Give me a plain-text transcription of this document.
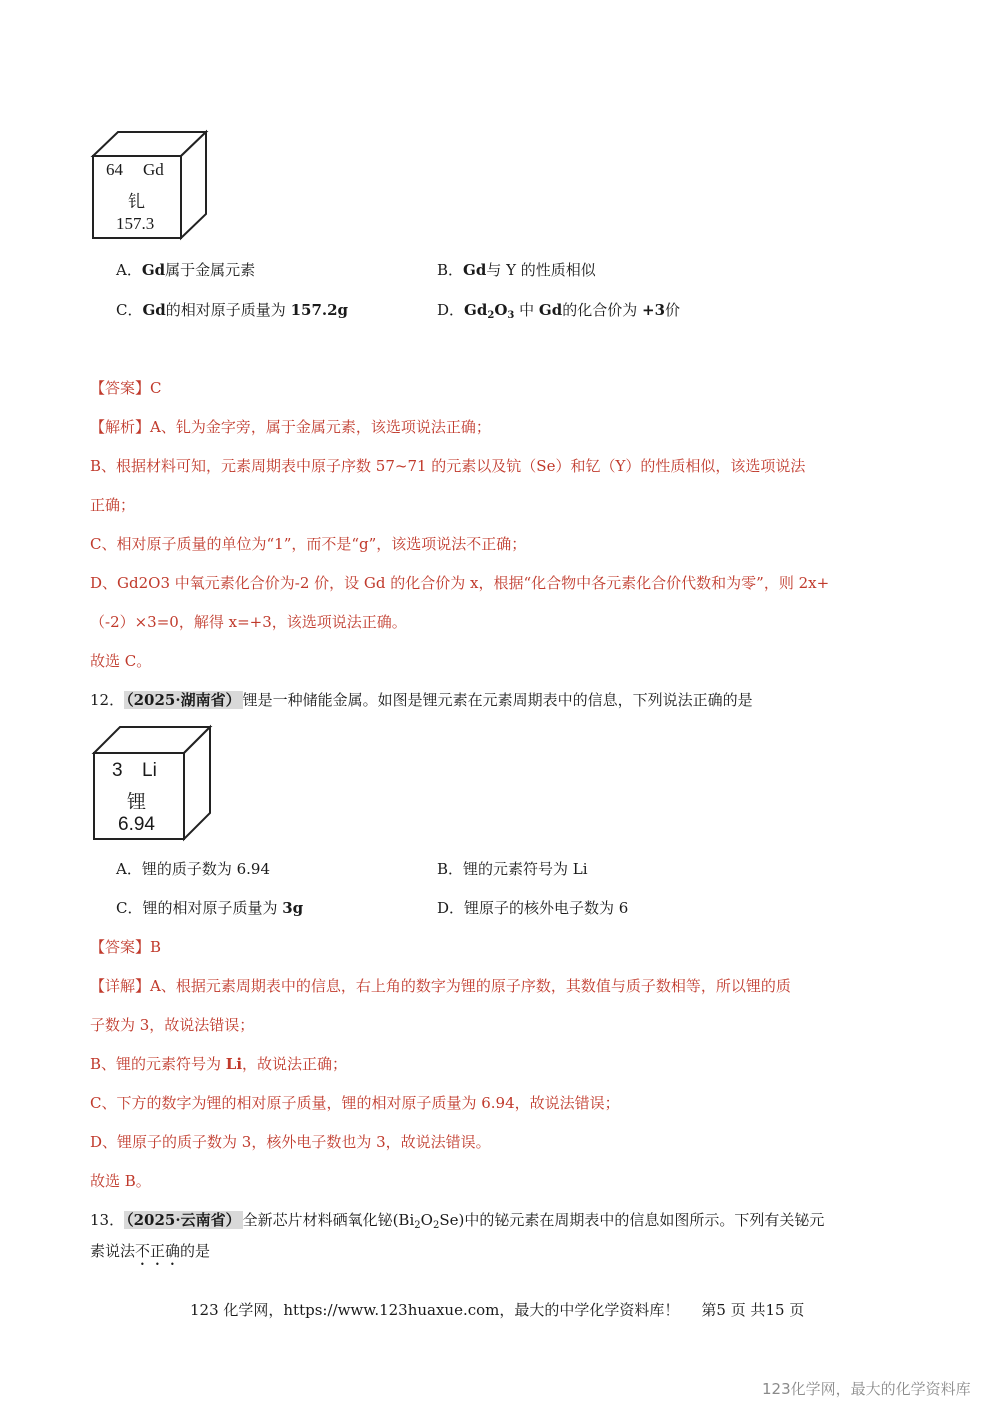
64 Gd
钆
157.3
A．Gd属于金属元素	B．Gd与 Y 的性质相似
C．Gd的相对原子质量为 157.2g	D．$Gd_2O_3$ 中 Gd的化合价为 +3价
【答案】C
【解析】A、钆为金字旁，属于金属元素，该选项说法正确；
B、根据材料可知，元素周期表中原子序数 57~71 的元素以及钪（Se）和钇（Y）的性质相似，该选项说法
正确；
C、相对原子质量的单位为“1”，而不是“g”，该选项说法不正确；
D、Gd2O3 中氧元素化合价为-2 价，设 Gd 的化合价为 x，根据“化合物中各元素化合价代数和为零”，则 2x+
（-2）×3=0，解得 x=+3，该选项说法正确。
故选 C。
12． （2025·湖南省） 锂是一种储能金属。如图是锂元素在元素周期表中的信息，下列说法正确的是
3 Li
锂
6.94
A．锂的质子数为 6.94	B．锂的元素符号为 Li
C．锂的相对原子质量为 3g	D．锂原子的核外电子数为 6
【答案】B
【详解】A、根据元素周期表中的信息，右上角的数字为锂的原子序数，其数值与质子数相等，所以锂的质
子数为 3，故说法错误；
B、锂的元素符号为 Li，故说法正确；
C、下方的数字为锂的相对原子质量，锂的相对原子质量为 6.94，故说法错误；
D、锂原子的质子数为 3，核外电子数也为 3，故说法错误。
故选 B。
13． （2025·云南省） 全新芯片材料硒氧化铋$(Bi_2O_2Se)$中的铋元素在周期表中的信息如图所示。下列有关铋元
素说法不正确的是
123 化学网，https://www.123huaxue.com，最大的中学化学资料库！ 第5 页 共15 页
123化学网，最大的化学资料库
